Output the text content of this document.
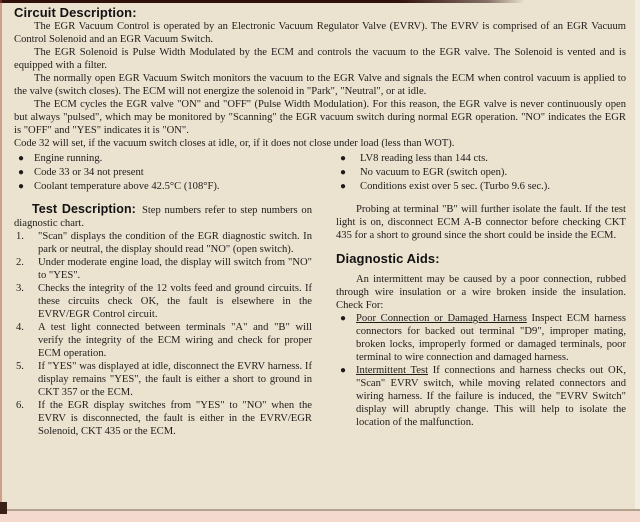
Circuit Description:

The EGR Vacuum Control is operated by an Electronic Vacuum Regulator Valve (EVRV). The EVRV is comprised of an EGR Vacuum Control Solenoid and an EGR Vacuum Switch.

The EGR Solenoid is Pulse Width Modulated by the ECM and controls the vacuum to the EGR valve. The Solenoid is vented and is equipped with a filter.

The normally open EGR Vacuum Switch monitors the vacuum to the EGR Valve and signals the ECM when control vacuum is applied to the valve (switch closes). The ECM will not energize the solenoid in "Park", "Neutral", or at idle.

The ECM cycles the EGR valve "ON" and "OFF" (Pulse Width Modulation). For this reason, the EGR valve is never continuously open but always "pulsed", which may be monitored by "Scanning" the EGR vacuum switch during normal EGR operation. "NO" indicates the EGR is "OFF" and "YES" indicates it is "ON".

Code 32 will set, if the vacuum switch closes at idle, or, if it does not close under load (less than WOT).

● Engine running.
● Code 33 or 34 not present
● Coolant temperature above 42.5°C (108°F).
●	LV8 reading less than 144 cts.
●	No vacuum to EGR (switch open).
●	Conditions exist over 5 sec. (Turbo 9.6 sec.).
Test Description: Step numbers refer to step numbers on diagnostic chart.
1.	"Scan" displays the condition of the EGR diagnostic switch. In park or neutral, the display should read "NO" (open switch).
2.	Under moderate engine load, the display will switch from "NO" to "YES".
3.	Checks the integrity of the 12 volts feed and ground circuits. If these circuits check OK, the fault is elsewhere in the EVRV/EGR Control circuit.
4.	A test light connected between terminals "A" and "B" will verify the integrity of the ECM wiring and check for proper ECM operation.
5.	If "YES" was displayed at idle, disconnect the EVRV harness. If display remains "YES", the fault is either a short to ground in CKT 357 or the ECM.
6.	If the EGR display switches from "YES" to "NO" when the EVRV is disconnected, the fault is either in the EVRV/EGR Solenoid, CKT 435 or the ECM.

Probing at terminal "B" will further isolate the fault. If the test light is on, disconnect ECM A-B connector before checking CKT 435 for a short to ground since the short could be inside the ECM.

Diagnostic Aids:

An intermittent may be caused by a poor connection, rubbed through wire insulation or a wire broken inside the insulation. Check For:

● Poor Connection or Damaged Harness Inspect ECM harness connectors for backed out terminal "D9", improper mating, broken locks, improperly formed or damaged terminals, poor terminal to wire connection and damaged harness.
● Intermittent Test If connections and harness checks out OK, "Scan" EVRV switch, while moving related connectors and wiring harness. If the failure is induced, the "EVRV Switch" display will abruptly change. This will help to isolate the location of the malfunction.
